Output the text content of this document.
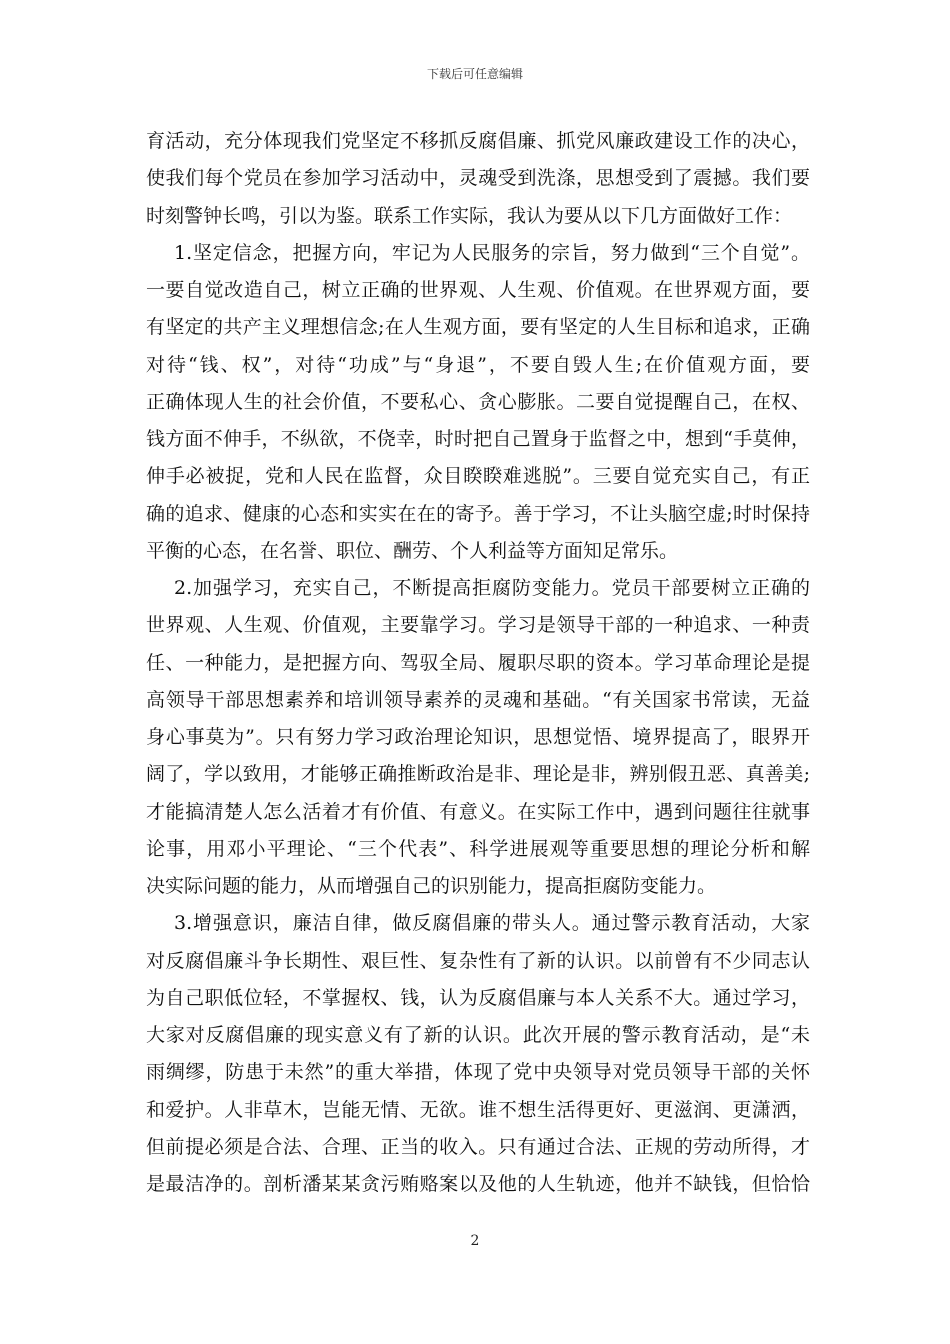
下载后可任意编辑
育活动，充分体现我们党坚定不移抓反腐倡廉、抓党风廉政建设工作的决心，
使我们每个党员在参加学习活动中，灵魂受到洗涤，思想受到了震撼。我们要
时刻警钟长鸣，引以为鉴。联系工作实际，我认为要从以下几方面做好工作：
1.坚定信念，把握方向，牢记为人民服务的宗旨，努力做到“三个自觉”。
一要自觉改造自己，树立正确的世界观、人生观、价值观。在世界观方面，要
有坚定的共产主义理想信念;在人生观方面，要有坚定的人生目标和追求，正确
对待“钱、权”，对待“功成”与“身退”，不要自毁人生;在价值观方面，要
正确体现人生的社会价值，不要私心、贪心膨胀。二要自觉提醒自己，在权、
钱方面不伸手，不纵欲，不侥幸，时时把自己置身于监督之中，想到“手莫伸，
伸手必被捉，党和人民在监督，众目睽睽难逃脱”。三要自觉充实自己，有正
确的追求、健康的心态和实实在在的寄予。善于学习，不让头脑空虚;时时保持
平衡的心态，在名誉、职位、酬劳、个人利益等方面知足常乐。
2.加强学习，充实自己，不断提高拒腐防变能力。党员干部要树立正确的
世界观、人生观、价值观，主要靠学习。学习是领导干部的一种追求、一种责
任、一种能力，是把握方向、驾驭全局、履职尽职的资本。学习革命理论是提
高领导干部思想素养和培训领导素养的灵魂和基础。“有关国家书常读，无益
身心事莫为”。只有努力学习政治理论知识，思想觉悟、境界提高了，眼界开
阔了，学以致用，才能够正确推断政治是非、理论是非，辨别假丑恶、真善美;
才能搞清楚人怎么活着才有价值、有意义。在实际工作中，遇到问题往往就事
论事，用邓小平理论、“三个代表”、科学进展观等重要思想的理论分析和解
决实际问题的能力，从而增强自己的识别能力，提高拒腐防变能力。
3.增强意识，廉洁自律，做反腐倡廉的带头人。通过警示教育活动，大家
对反腐倡廉斗争长期性、艰巨性、复杂性有了新的认识。以前曾有不少同志认
为自己职低位轻，不掌握权、钱，认为反腐倡廉与本人关系不大。通过学习，
大家对反腐倡廉的现实意义有了新的认识。此次开展的警示教育活动，是“未
雨绸缪，防患于未然”的重大举措，体现了党中央领导对党员领导干部的关怀
和爱护。人非草木，岂能无情、无欲。谁不想生活得更好、更滋润、更潇洒，
但前提必须是合法、合理、正当的收入。只有通过合法、正规的劳动所得，才
是最洁净的。剖析潘某某贪污贿赂案以及他的人生轨迹，他并不缺钱，但恰恰
2
